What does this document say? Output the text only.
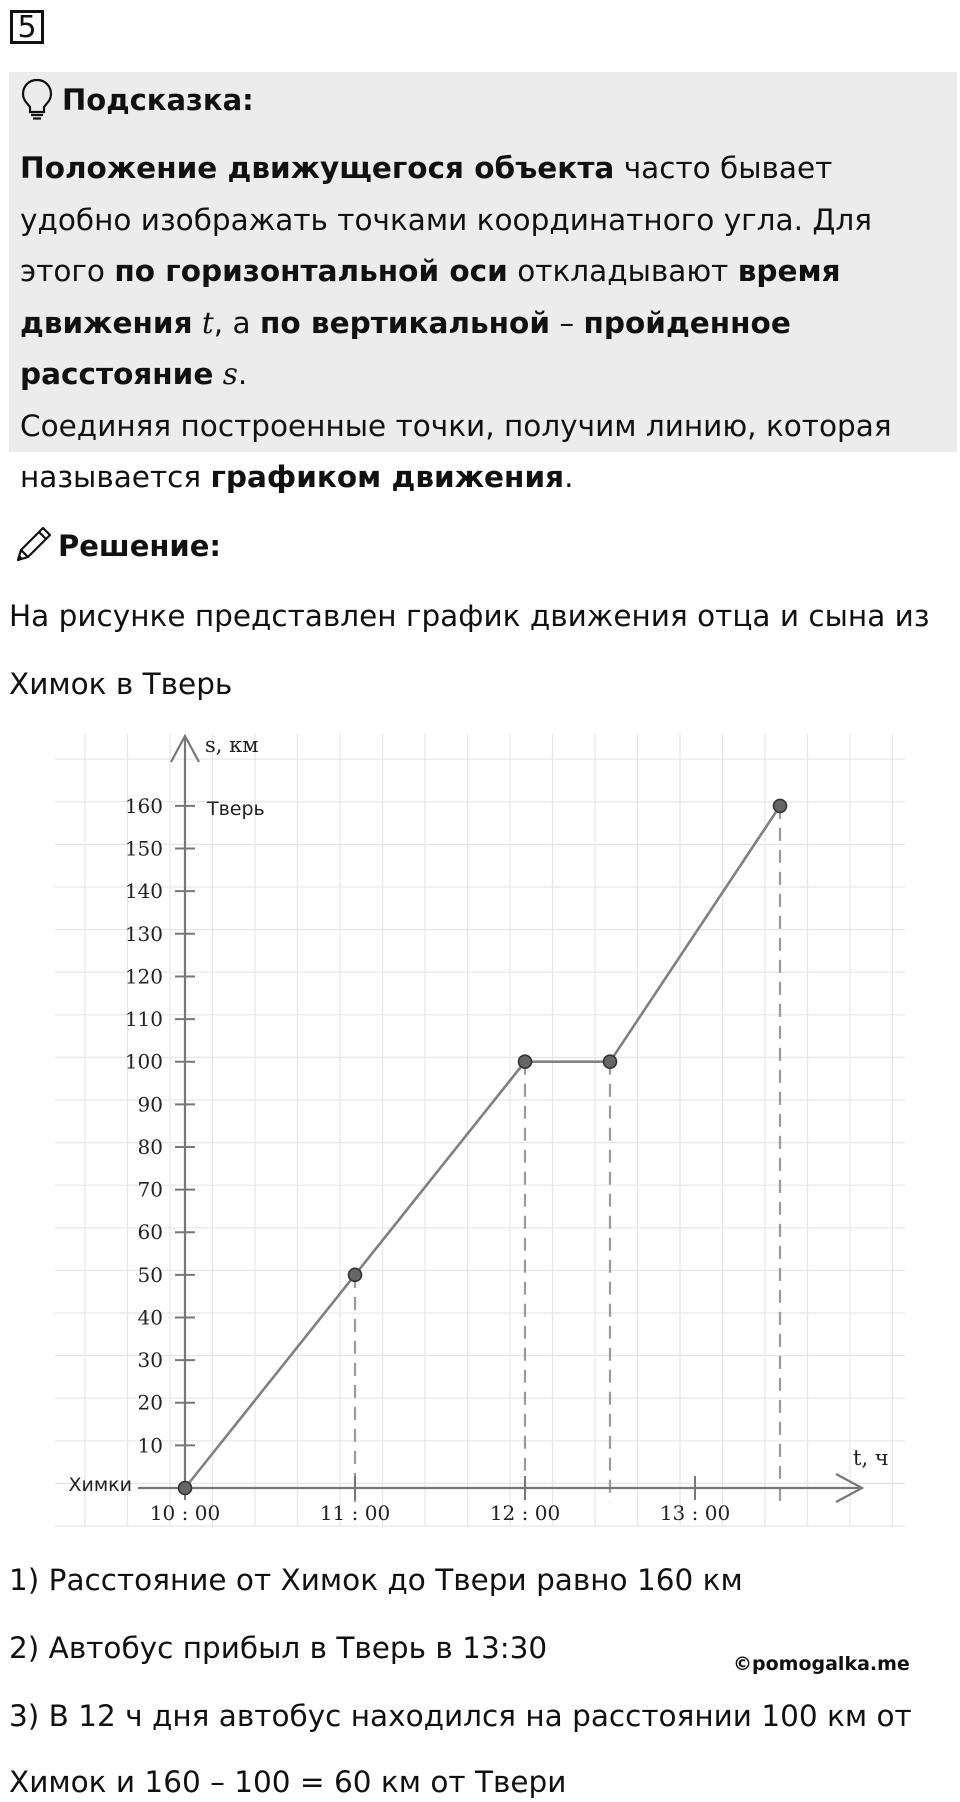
5
Подсказка:
Положение движущегося объекта часто бывает удобно изображать точками координатного угла. Для этого по горизонтальной оси откладывают время движения t, а по вертикальной – пройденное расстояние s.
Соединяя построенные точки, получим линию, которая называется графиком движения.
Решение:
На рисунке представлен график движения отца и сына из
Химок в Тверь
10
20
30
40
50
60
70
80
90
100
110
120
130
140
150
160
10 : 00	11 : 00	12 : 00	13 : 00
s, км
t, ч
Тверь
Химки
1) Расстояние от Химок до Твери равно 160 км
2) Автобус прибыл в Тверь в 13:30	©pomogalka.me
3) В 12 ч дня автобус находился на расстоянии 100 км от
Химок и 160 – 100 = 60 км от Твери
